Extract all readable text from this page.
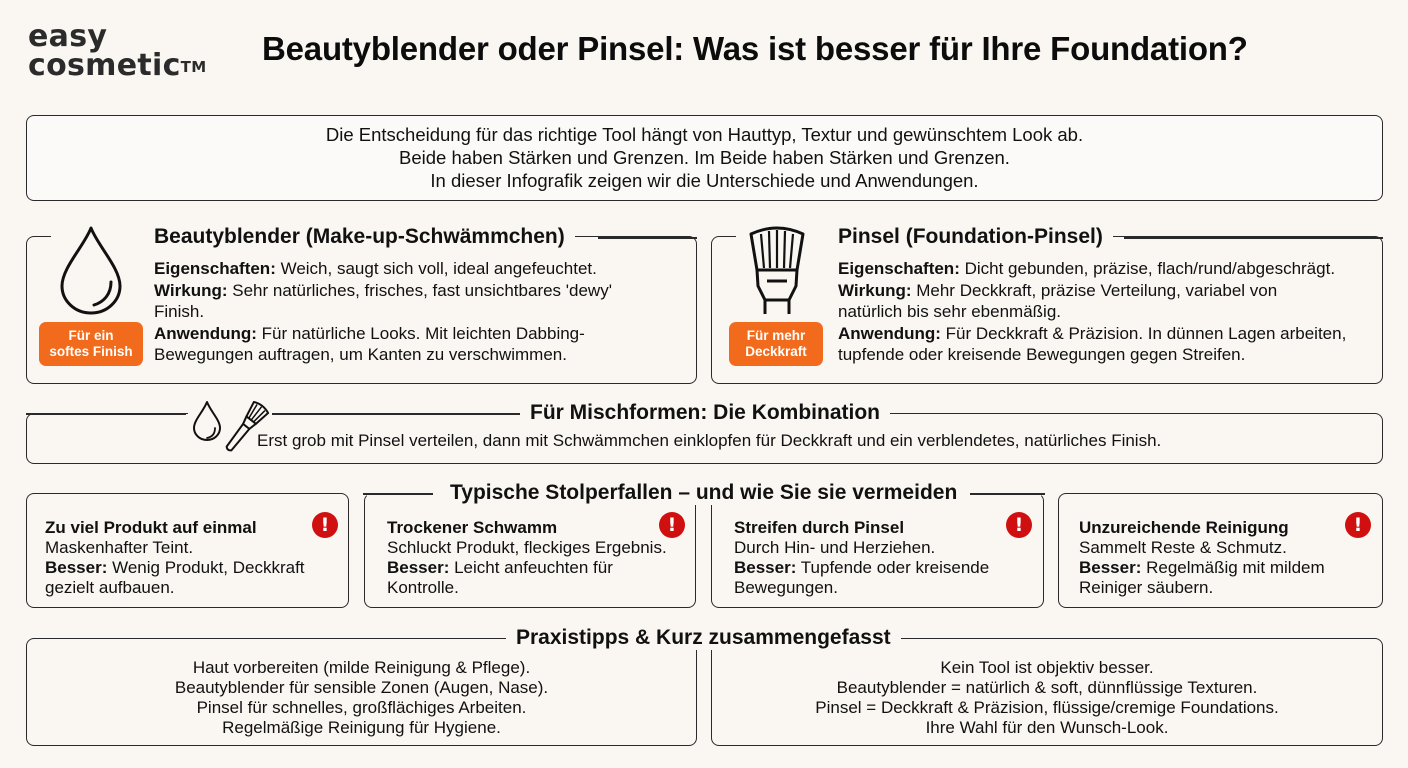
easy
cosmetic™	Beautyblender oder Pinsel: Was ist besser für Ihre Foundation?
Die Entscheidung für das richtige Tool hängt von Hauttyp, Textur und gewünschtem Look ab.
Beide haben Stärken und Grenzen. Im Beide haben Stärken und Grenzen.
In dieser Infografik zeigen wir die Unterschiede und Anwendungen.
Für ein
softes Finish
Beautyblender (Make-up-Schwämmchen)
Eigenschaften: Weich, saugt sich voll, ideal angefeuchtet.
Wirkung: Sehr natürliches, frisches, fast unsichtbares 'dewy' Finish.
Anwendung: Für natürliche Looks. Mit leichten Dabbing-Bewegungen auftragen, um Kanten zu verschwimmen.
Für mehr
Deckkraft
Pinsel (Foundation-Pinsel)
Eigenschaften: Dicht gebunden, präzise, flach/rund/abgeschrägt.
Wirkung: Mehr Deckkraft, präzise Verteilung, variabel von natürlich bis sehr ebenmäßig.
Anwendung: Für Deckkraft & Präzision. In dünnen Lagen arbeiten, tupfende oder kreisende Bewegungen gegen Streifen.
Für Mischformen: Die Kombination
Erst grob mit Pinsel verteilen, dann mit Schwämmchen einklopfen für Deckkraft und ein verblendetes, natürliches Finish.
Typische Stolperfallen – und wie Sie sie vermeiden
Zu viel Produkt auf einmal
Maskenhafter Teint.
Besser: Wenig Produkt, Deckkraft gezielt aufbauen.
!	Trockener Schwamm
Schluckt Produkt, fleckiges Ergebnis.
Besser: Leicht anfeuchten für Kontrolle.
!	Streifen durch Pinsel
Durch Hin- und Herziehen.
Besser: Tupfende oder kreisende Bewegungen.
!	Unzureichende Reinigung
Sammelt Reste & Schmutz.
Besser: Regelmäßig mit mildem Reiniger säubern.
!
Haut vorbereiten (milde Reinigung & Pflege).
Beautyblender für sensible Zonen (Augen, Nase).
Pinsel für schnelles, großflächiges Arbeiten.
Regelmäßige Reinigung für Hygiene.
Kein Tool ist objektiv besser.
Beautyblender = natürlich & soft, dünnflüssige Texturen.
Pinsel = Deckkraft & Präzision, flüssige/cremige Foundations.
Ihre Wahl für den Wunsch-Look.
Praxistipps & Kurz zusammengefasst
